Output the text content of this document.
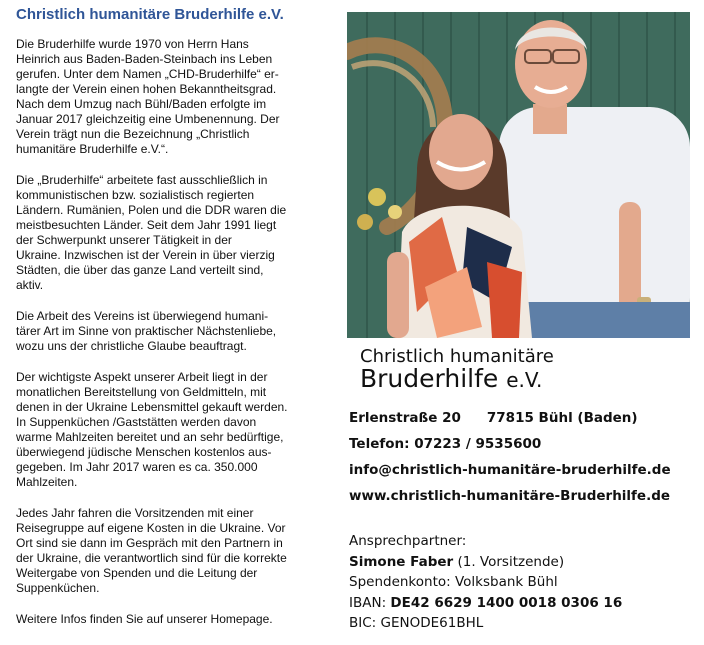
Christlich humanitäre Bruderhilfe e.V.
Die Bruderhilfe wurde 1970 von Herrn Hans
Heinrich aus Baden-Baden-Steinbach ins Leben
gerufen. Unter dem Namen „CHD-Bruderhilfe“ er-
langte der Verein einen hohen Bekanntheitsgrad.
Nach dem Umzug nach Bühl/Baden erfolgte im
Januar 2017 gleichzeitig eine Umbenennung. Der
Verein trägt nun die Bezeichnung „Christlich
humanitäre Bruderhilfe e.V.“.
Die „Bruderhilfe“ arbeitete fast ausschließlich in
kommunistischen bzw. sozialistisch regierten
Ländern. Rumänien, Polen und die DDR waren die
meistbesuchten Länder. Seit dem Jahr 1991 liegt
der Schwerpunkt unserer Tätigkeit in der
Ukraine. Inzwischen ist der Verein in über vierzig
Städten, die über das ganze Land verteilt sind,
aktiv.
Die Arbeit des Vereins ist überwiegend humani-
tärer Art im Sinne von praktischer Nächstenliebe,
wozu uns der christliche Glaube beauftragt.
Der wichtigste Aspekt unserer Arbeit liegt in der
monatlichen Bereitstellung von Geldmitteln, mit
denen in der Ukraine Lebensmittel gekauft werden.
In Suppenküchen /Gaststätten werden davon
warme Mahlzeiten bereitet und an sehr bedürftige,
überwiegend jüdische Menschen kostenlos aus-
gegeben. Im Jahr 2017 waren es ca. 350.000
Mahlzeiten.
Jedes Jahr fahren die Vorsitzenden mit einer
Reisegruppe auf eigene Kosten in die Ukraine. Vor
Ort sind sie dann im Gespräch mit den Partnern in
der Ukraine, die verantwortlich sind für die korrekte
Weitergabe von Spenden und die Leitung der
Suppenküchen.
Weitere Infos finden Sie auf unserer Homepage.
Christlich humanitäre
Bruderhilfe e.V.
Erlenstraße 20 77815 Bühl (Baden)
Telefon: 07223 / 9535600
info@christlich-humanitäre-bruderhilfe.de
www.christlich-humanitäre-Bruderhilfe.de
Ansprechpartner:
Simone Faber (1. Vorsitzende)
Spendenkonto: Volksbank Bühl
IBAN: DE42 6629 1400 0018 0306 16
BIC: GENODE61BHL
